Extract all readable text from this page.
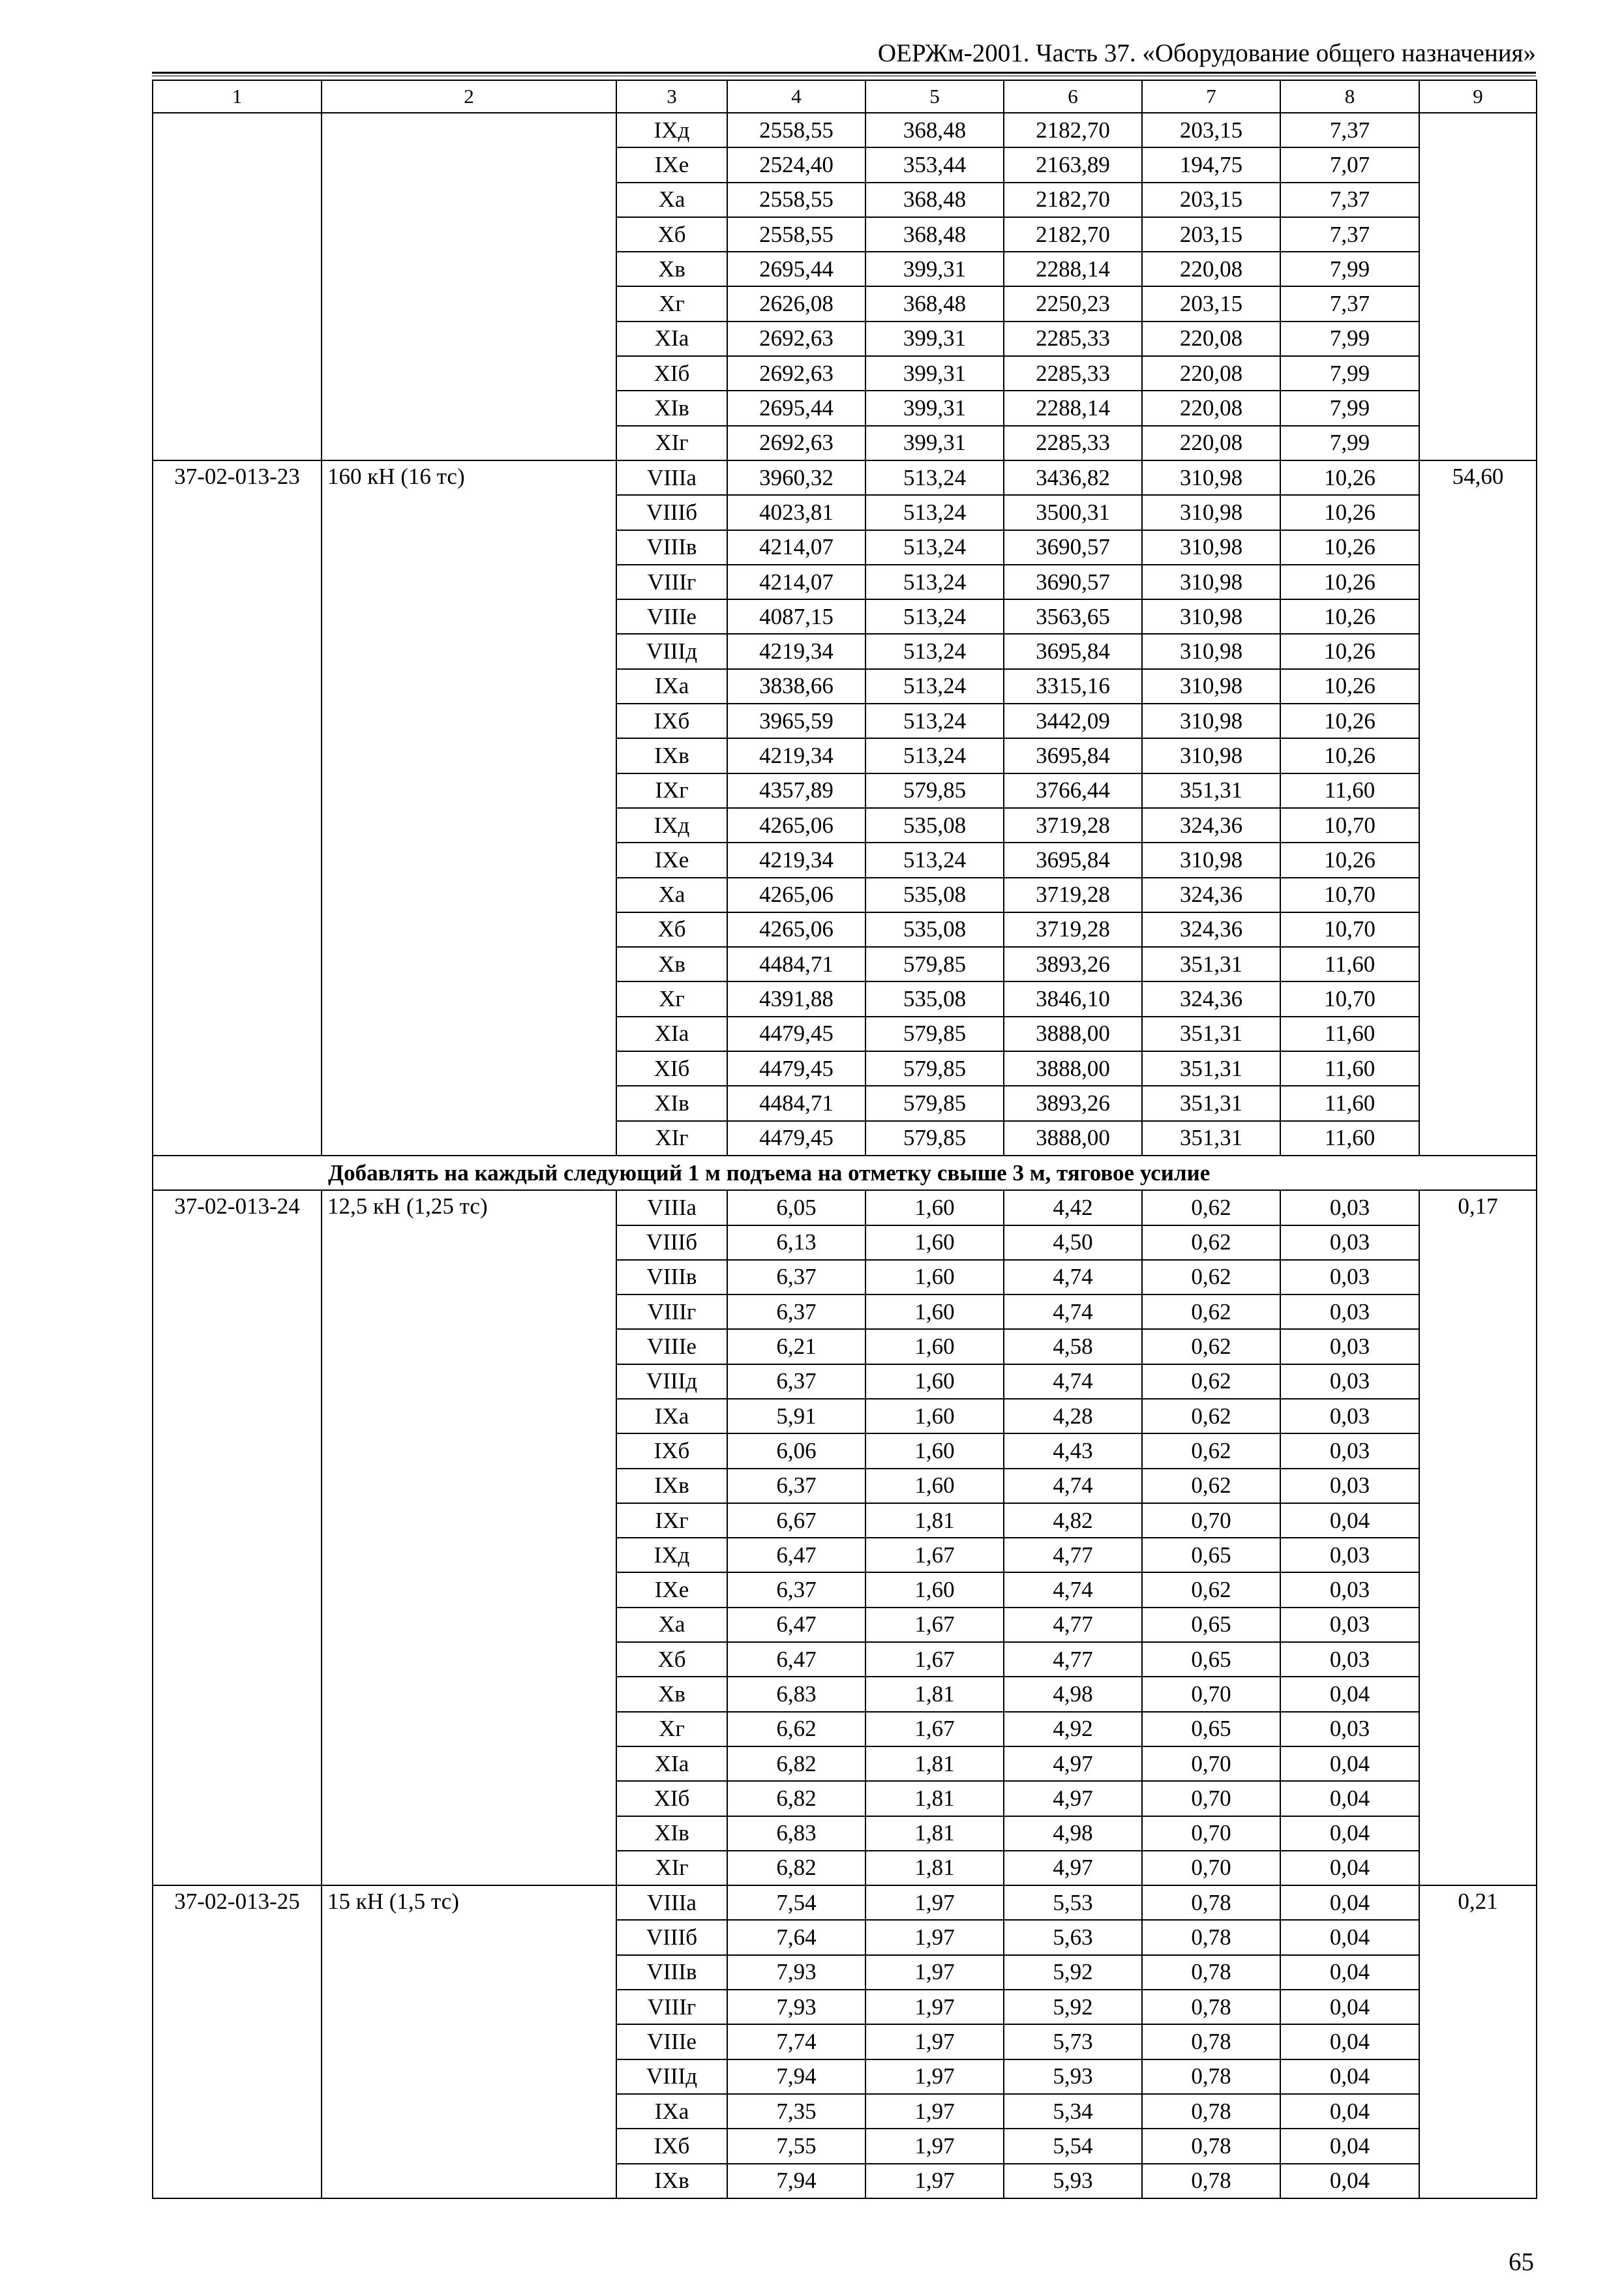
ОЕРЖм-2001. Часть 37. «Оборудование общего назначения»
1	2	3	4	5	6	7	8	9
		IXд	2558,55	368,48	2182,70	203,15	7,37	
		IXе	2524,40	353,44	2163,89	194,75	7,07	
		Xа	2558,55	368,48	2182,70	203,15	7,37	
		Xб	2558,55	368,48	2182,70	203,15	7,37	
		Xв	2695,44	399,31	2288,14	220,08	7,99	
		Xг	2626,08	368,48	2250,23	203,15	7,37	
		XIа	2692,63	399,31	2285,33	220,08	7,99	
		XIб	2692,63	399,31	2285,33	220,08	7,99	
		XIв	2695,44	399,31	2288,14	220,08	7,99	
		XIг	2692,63	399,31	2285,33	220,08	7,99	
37-02-013-23	160 кН (16 тс)	VIIIа	3960,32	513,24	3436,82	310,98	10,26	54,60
		VIIIб	4023,81	513,24	3500,31	310,98	10,26	
		VIIIв	4214,07	513,24	3690,57	310,98	10,26	
		VIIIг	4214,07	513,24	3690,57	310,98	10,26	
		VIIIе	4087,15	513,24	3563,65	310,98	10,26	
		VIIIд	4219,34	513,24	3695,84	310,98	10,26	
		IXа	3838,66	513,24	3315,16	310,98	10,26	
		IXб	3965,59	513,24	3442,09	310,98	10,26	
		IXв	4219,34	513,24	3695,84	310,98	10,26	
		IXг	4357,89	579,85	3766,44	351,31	11,60	
		IXд	4265,06	535,08	3719,28	324,36	10,70	
		IXе	4219,34	513,24	3695,84	310,98	10,26	
		Xа	4265,06	535,08	3719,28	324,36	10,70	
		Xб	4265,06	535,08	3719,28	324,36	10,70	
		Xв	4484,71	579,85	3893,26	351,31	11,60	
		Xг	4391,88	535,08	3846,10	324,36	10,70	
		XIа	4479,45	579,85	3888,00	351,31	11,60	
		XIб	4479,45	579,85	3888,00	351,31	11,60	
		XIв	4484,71	579,85	3893,26	351,31	11,60	
		XIг	4479,45	579,85	3888,00	351,31	11,60	
Добавлять на каждый следующий 1 м подъема на отметку свыше 3 м, тяговое усилие								
37-02-013-24	12,5 кН (1,25 тс)	VIIIа	6,05	1,60	4,42	0,62	0,03	0,17
		VIIIб	6,13	1,60	4,50	0,62	0,03	
		VIIIв	6,37	1,60	4,74	0,62	0,03	
		VIIIг	6,37	1,60	4,74	0,62	0,03	
		VIIIе	6,21	1,60	4,58	0,62	0,03	
		VIIIд	6,37	1,60	4,74	0,62	0,03	
		IXа	5,91	1,60	4,28	0,62	0,03	
		IXб	6,06	1,60	4,43	0,62	0,03	
		IXв	6,37	1,60	4,74	0,62	0,03	
		IXг	6,67	1,81	4,82	0,70	0,04	
		IXд	6,47	1,67	4,77	0,65	0,03	
		IXе	6,37	1,60	4,74	0,62	0,03	
		Xа	6,47	1,67	4,77	0,65	0,03	
		Xб	6,47	1,67	4,77	0,65	0,03	
		Xв	6,83	1,81	4,98	0,70	0,04	
		Xг	6,62	1,67	4,92	0,65	0,03	
		XIа	6,82	1,81	4,97	0,70	0,04	
		XIб	6,82	1,81	4,97	0,70	0,04	
		XIв	6,83	1,81	4,98	0,70	0,04	
		XIг	6,82	1,81	4,97	0,70	0,04	
37-02-013-25	15 кН (1,5 тс)	VIIIа	7,54	1,97	5,53	0,78	0,04	0,21
		VIIIб	7,64	1,97	5,63	0,78	0,04	
		VIIIв	7,93	1,97	5,92	0,78	0,04	
		VIIIг	7,93	1,97	5,92	0,78	0,04	
		VIIIе	7,74	1,97	5,73	0,78	0,04	
		VIIIд	7,94	1,97	5,93	0,78	0,04	
		IXа	7,35	1,97	5,34	0,78	0,04	
		IXб	7,55	1,97	5,54	0,78	0,04	
		IXв	7,94	1,97	5,93	0,78	0,04	
65
